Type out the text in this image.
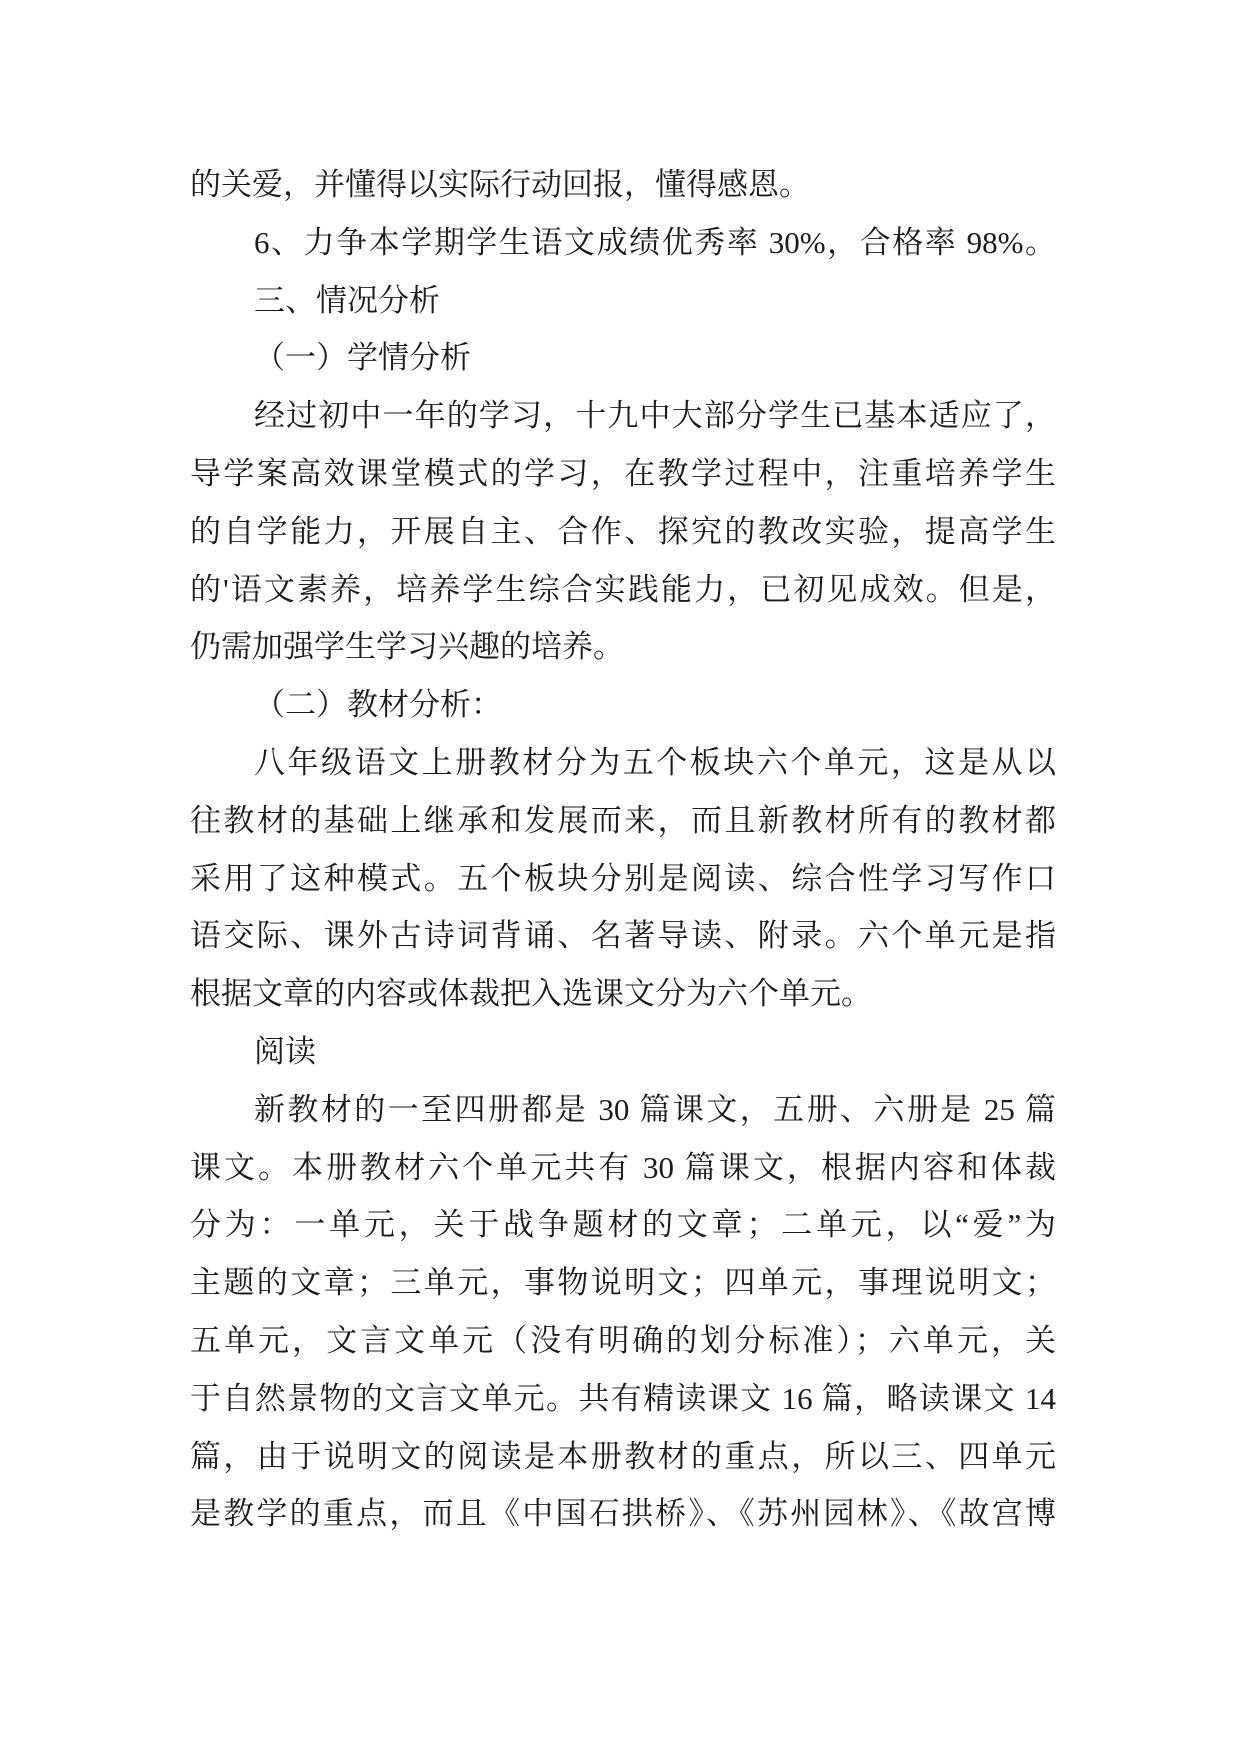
的关爱，并懂得以实际行动回报，懂得感恩。
6、力争本学期学生语文成绩优秀率 30%，合格率 98%。
三、情况分析
（一）学情分析
经过初中一年的学习，十九中大部分学生已基本适应了，
导学案高效课堂模式的学习，在教学过程中，注重培养学生
的自学能力，开展自主、合作、探究的教改实验，提高学生
的'语文素养，培养学生综合实践能力，已初见成效。但是，
仍需加强学生学习兴趣的培养。
（二）教材分析：
八年级语文上册教材分为五个板块六个单元，这是从以
往教材的基础上继承和发展而来，而且新教材所有的教材都
采用了这种模式。五个板块分别是阅读、综合性学习写作口
语交际、课外古诗词背诵、名著导读、附录。六个单元是指
根据文章的内容或体裁把入选课文分为六个单元。
阅读
新教材的一至四册都是 30 篇课文，五册、六册是 25 篇
课文。本册教材六个单元共有 30 篇课文，根据内容和体裁
分为：一单元，关于战争题材的文章；二单元，以“爱”为
主题的文章；三单元，事物说明文；四单元，事理说明文；
五单元，文言文单元（没有明确的划分标准）；六单元，关
于自然景物的文言文单元。共有精读课文 16 篇，略读课文 14
篇，由于说明文的阅读是本册教材的重点，所以三、四单元
是教学的重点，而且《中国石拱桥》、《苏州园林》、《故宫博
